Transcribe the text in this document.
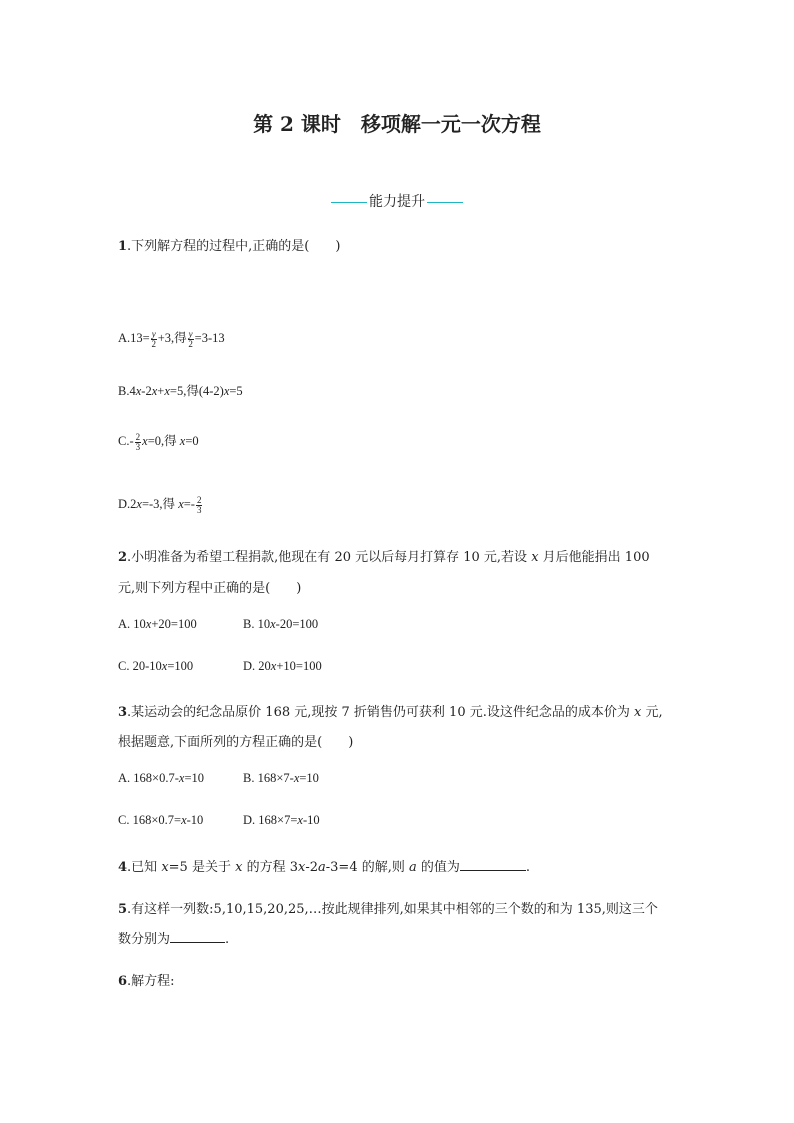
第 2 课时　移项解一元一次方程
能力提升
1.下列解方程的过程中,正确的是(　　)
$A.13= \frac{y}{2} +3$,得 $\frac{y}{2} =3-13$
B.4x-2x+x=5,得(4-2)x=5
$C.- \frac{2}{3} x=0$,得 x=0
D.2x=-3,得 $x=- \frac{2}{3}$
2.小明准备为希望工程捐款,他现在有 20 元以后每月打算存 10 元,若设 x 月后他能捐出 100
元,则下列方程中正确的是(　　)
A. 10x+20=100	B. 10x-20=100
C. 20-10x=100	D. 20x+10=100
3.某运动会的纪念品原价 168 元,现按 7 折销售仍可获利 10 元.设这件纪念品的成本价为 x 元,
根据题意,下面所列的方程正确的是(　　)
A. 168×0.7-x=10	B. 168×7-x=10
C. 168×0.7=x-10	D. 168×7=x-10
4.已知 x=5 是关于 x 的方程 3x-2a-3=4 的解,则 a 的值为	.
5.有这样一列数:5,10,15,20,25,…按此规律排列,如果其中相邻的三个数的和为 135,则这三个
数分别为	.
6.解方程:
